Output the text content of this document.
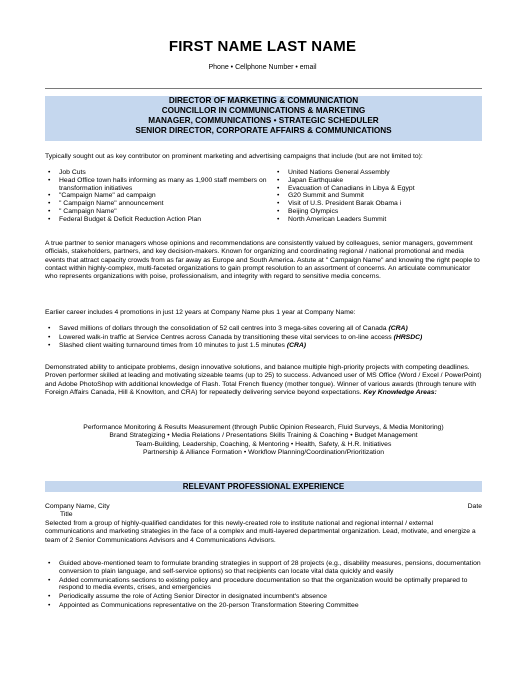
FIRST NAME LAST NAME
Phone • Cellphone Number • email
DIRECTOR OF MARKETING & COMMUNICATION
COUNCILLOR IN COMMUNICATIONS & MARKETING
MANAGER, COMMUNICATIONS • STRATEGIC SCHEDULER
SENIOR DIRECTOR, CORPORATE AFFAIRS & COMMUNICATIONS
Typically sought out as key contributor on prominent marketing and advertising campaigns that include (but are not limited to):
• Job Cuts
• Head Office town halls informing as many as 1,900 staff members on transformation initiatives
• "Campaign Name" ad campaign
• " Campaign Name" announcement
• " Campaign Name"
• Federal Budget & Deficit Reduction Action Plan
• United Nations General Assembly
• Japan Earthquake
• Evacuation of Canadians in Libya & Egypt
• G20 Summit and Summit
• Visit of U.S. President Barak Obama i
• Beijing Olympics
• North American Leaders Summit
A true partner to senior managers whose opinions and recommendations are consistently valued by colleagues, senior managers, government officials, stakeholders, partners, and key decision-makers. Known for organizing and coordinating regional / national promotional and media events that attract capacity crowds from as far away as Europe and South America. Astute at " Campaign Name" and knowing the right people to contact within highly-complex, multi-faceted organizations to gain prompt resolution to an assortment of concerns. An articulate communicator who represents organizations with poise, professionalism, and integrity with regard to sensitive media concerns.
Earlier career includes 4 promotions in just 12 years at Company Name plus 1 year at Company Name:
• Saved millions of dollars through the consolidation of 52 call centres into 3 mega-sites covering all of Canada (CRA)
• Lowered walk-in traffic at Service Centres across Canada by transitioning these vital services to on-line access (HRSDC)
• Slashed client waiting turnaround times from 10 minutes to just 1.5 minutes (CRA)
Demonstrated ability to anticipate problems, design innovative solutions, and balance multiple high-priority projects with competing deadlines. Proven performer skilled at leading and motivating sizeable teams (up to 25) to success. Advanced user of MS Office (Word / Excel / PowerPoint) and Adobe PhotoShop with additional knowledge of Flash. Total French fluency (mother tongue). Winner of various awards (through tenure with Foreign Affairs Canada, Hill & Knowlton, and CRA) for repeatedly delivering service beyond expectations. Key Knowledge Areas:
Performance Monitoring & Results Measurement (through Public Opinion Research, Fluid Surveys, & Media Monitoring)
Brand Strategizing • Media Relations / Presentations Skills Training & Coaching • Budget Management
Team-Building, Leadership, Coaching, & Mentoring • Health, Safety, & H.R. Initiatives
Partnership & Alliance Formation • Workflow Planning/Coordination/Prioritization
RELEVANT PROFESSIONAL EXPERIENCE
Company Name, City	Date
Title
Selected from a group of highly-qualified candidates for this newly-created role to institute national and regional internal / external communications and marketing strategies in the face of a complex and multi-layered departmental organization. Lead, motivate, and energize a team of 2 Senior Communications Advisors and 4 Communications Advisors.
• Guided above-mentioned team to formulate branding strategies in support of 28 projects (e.g., disability measures, pensions, documentation conversion to plain language, and self-service options) so that recipients can locate vital data quickly and easily
• Added communications sections to existing policy and procedure documentation so that the organization would be optimally prepared to respond to media events, crises, and emergencies
• Periodically assume the role of Acting Senior Director in designated incumbent's absence
• Appointed as Communications representative on the 20-person Transformation Steering Committee
